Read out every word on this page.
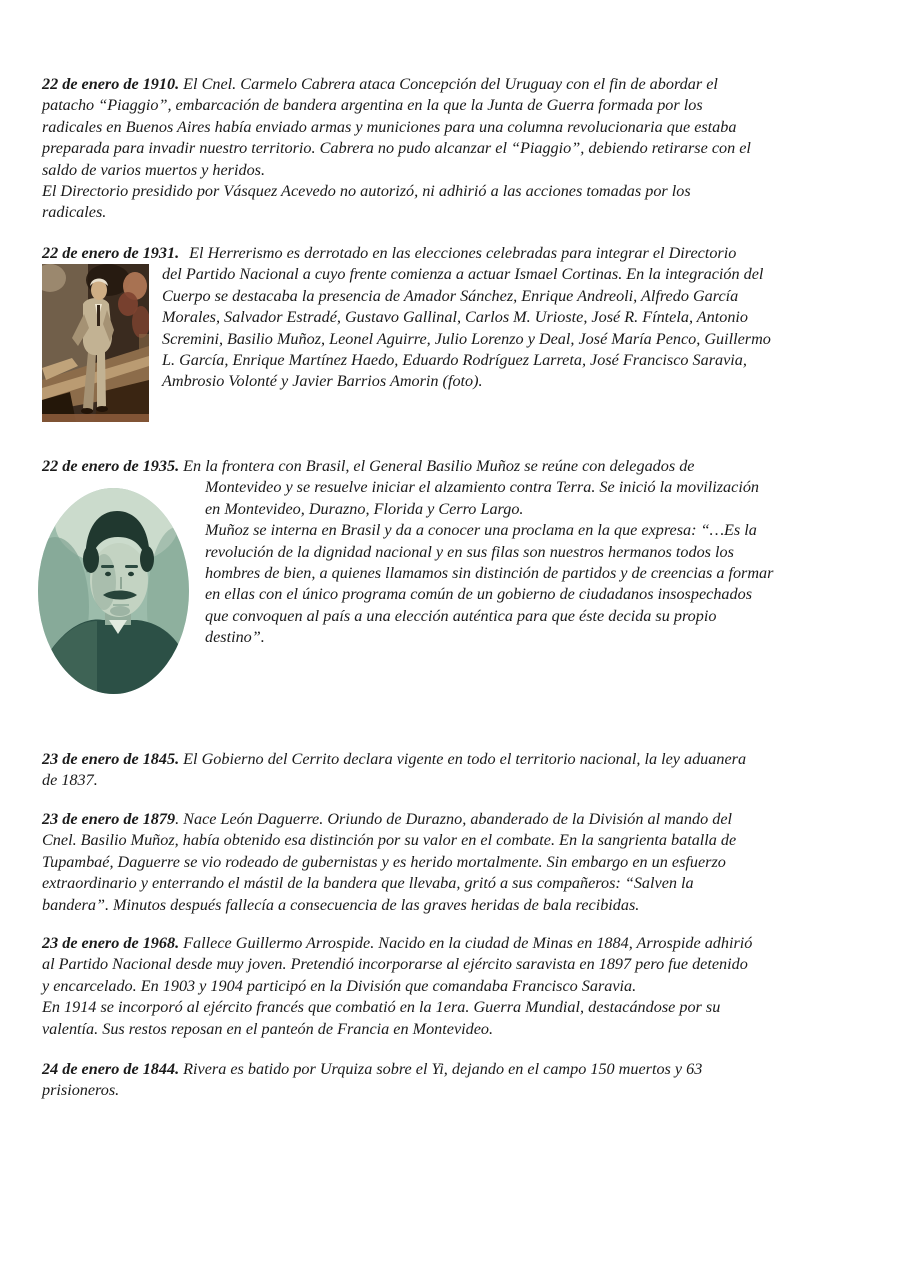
22 de enero de 1910. El Cnel. Carmelo Cabrera ataca Concepción del Uruguay con el fin de abordar el
patacho “Piaggio”, embarcación de bandera argentina en la que la Junta de Guerra formada por los
radicales en Buenos Aires había enviado armas y municiones para una columna revolucionaria que estaba
preparada para invadir nuestro territorio. Cabrera no pudo alcanzar el “Piaggio”, debiendo retirarse con el
saldo de varios muertos y heridos.
El Directorio presidido por Vásquez Acevedo no autorizó, ni adhirió a las acciones tomadas por los
radicales.
22 de enero de 1931. El Herrerismo es derrotado en las elecciones celebradas para integrar el Directorio
del Partido Nacional a cuyo frente comienza a actuar Ismael Cortinas. En la integración del
Cuerpo se destacaba la presencia de Amador Sánchez, Enrique Andreoli, Alfredo García
Morales, Salvador Estradé, Gustavo Gallinal, Carlos M. Urioste, José R. Fíntela, Antonio
Scremini, Basilio Muñoz, Leonel Aguirre, Julio Lorenzo y Deal, José María Penco, Guillermo
L. García, Enrique Martínez Haedo, Eduardo Rodríguez Larreta, José Francisco Saravia,
Ambrosio Volonté y Javier Barrios Amorin (foto).
22 de enero de 1935. En la frontera con Brasil, el General Basilio Muñoz se reúne con delegados de
Montevideo y se resuelve iniciar el alzamiento contra Terra. Se inició la movilización
en Montevideo, Durazno, Florida y Cerro Largo.
Muñoz se interna en Brasil y da a conocer una proclama en la que expresa: “…Es la
revolución de la dignidad nacional y en sus filas son nuestros hermanos todos los
hombres de bien, a quienes llamamos sin distinción de partidos y de creencias a formar
en ellas con el único programa común de un gobierno de ciudadanos insospechados
que convoquen al país a una elección auténtica para que éste decida su propio
destino”.
23 de enero de 1845. El Gobierno del Cerrito declara vigente en todo el territorio nacional, la ley aduanera
de 1837.
23 de enero de 1879. Nace León Daguerre. Oriundo de Durazno, abanderado de la División al mando del
Cnel. Basilio Muñoz, había obtenido esa distinción por su valor en el combate. En la sangrienta batalla de
Tupambaé, Daguerre se vio rodeado de gubernistas y es herido mortalmente. Sin embargo en un esfuerzo
extraordinario y enterrando el mástil de la bandera que llevaba, gritó a sus compañeros: “Salven la
bandera”. Minutos después fallecía a consecuencia de las graves heridas de bala recibidas.
23 de enero de 1968. Fallece Guillermo Arrospide. Nacido en la ciudad de Minas en 1884, Arrospide adhirió
al Partido Nacional desde muy joven. Pretendió incorporarse al ejército saravista en 1897 pero fue detenido
y encarcelado. En 1903 y 1904 participó en la División que comandaba Francisco Saravia.
En 1914 se incorporó al ejército francés que combatió en la 1era. Guerra Mundial, destacándose por su
valentía. Sus restos reposan en el panteón de Francia en Montevideo.
24 de enero de 1844. Rivera es batido por Urquiza sobre el Yi, dejando en el campo 150 muertos y 63
prisioneros.
